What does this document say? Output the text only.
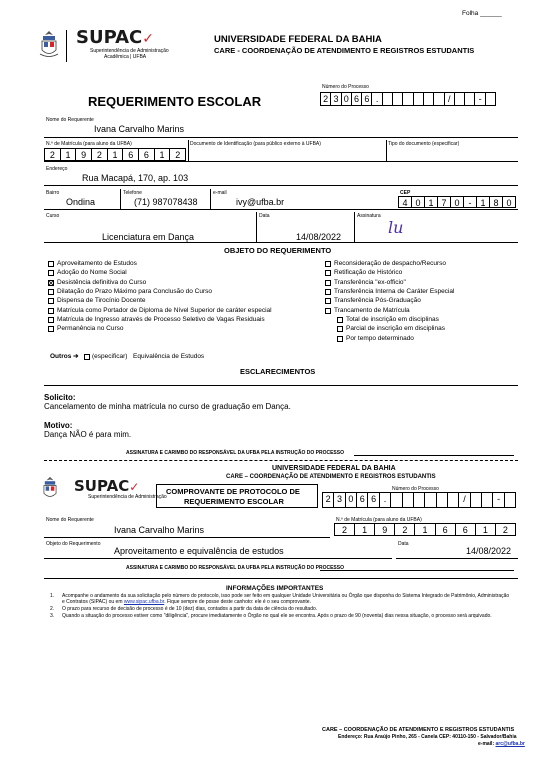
Folha ______
SUPAC✓
Superintendência de Administração
Acadêmica | UFBA
UNIVERSIDADE FEDERAL DA BAHIA
CARE - COORDENAÇÃO DE ATENDIMENTO E REGISTROS ESTUDANTIS
REQUERIMENTO ESCOLAR
Número do Processo
2 3 0 6 6 .	/	-
Nome do Requerente
Ivana Carvalho Marins
N.º de Matrícula (para aluno da UFBA)
2	1	9	2	1	6	6	1	2
Documento de Identificação (para público externo à UFBA)	Tipo do documento (especificar)
Endereço
Rua Macapá, 170, ap. 103
Bairro
Ondina
Telefone
(71) 987078438
e-mail
ivy@ufba.br
CEP
4 0 1 7 0	- 1 8 0
Curso
Licenciatura em Dança
Data
14/08/2022
Assinatura
lu
OBJETO DO REQUERIMENTO
Aproveitamento de Estudos
Adoção do Nome Social
Desistência definitiva do Curso
Dilatação do Prazo Máximo para Conclusão do Curso
Dispensa de Tirocínio Docente
Matrícula como Portador de Diploma de Nível Superior de caráter especial
Matrícula de Ingresso através de Processo Seletivo de Vagas Residuais
Permanência no Curso
Reconsideração de despacho/Recurso
Retificação de Histórico
Transferência "ex-officio"
Transferência Interna de Caráter Especial
Transferência Pós-Graduação
Trancamento de Matrícula
Total de inscrição em disciplinas
Parcial de inscrição em disciplinas
Por tempo determinado
Outros ➔ (especificar) Equivalência de Estudos
ESCLARECIMENTOS
Solicito:
Cancelamento de minha matrícula no curso de graduação em Dança.
Motivo:
Dança NÃO é para mim.
ASSINATURA E CARIMBO DO RESPONSÁVEL DA UFBA PELA INSTRUÇÃO DO PROCESSO
UNIVERSIDADE FEDERAL DA BAHIA
CARE – COORDENAÇÃO DE ATENDIMENTO E REGISTROS ESTUDANTIS
SUPAC✓
Superintendência de Administração
COMPROVANTE DE PROTOCOLO DE
REQUERIMENTO ESCOLAR
Número do Processo
2 3 0 6 6 .	/	-
Nome do Requerente
Ivana Carvalho Marins
N.º de Matrícula (para aluno da UFBA)
2	1	9	2	1	6	6	1	2
Objeto do Requerimento
Aproveitamento e equivalência de estudos
Data
14/08/2022
ASSINATURA E CARIMBO DO RESPONSÁVEL DA UFBA PELA INSTRUÇÃO DO PROCESSO
INFORMAÇÕES IMPORTANTES
1.	Acompanhe o andamento da sua solicitação pelo número do protocolo, isso pode ser feito em qualquer Unidade Universitária ou Órgão que disponha do Sistema Integrado de Patrimônio, Administração e Contratos (SIPAC) ou em www.sipac.ufba.br. Fique sempre de posse deste canhoto: ele é o seu comprovante.
2.	O prazo para recurso de decisão de processo é de 10 (dez) dias, contados a partir da data de ciência do resultado.
3.	Quando a situação do processo estiver como "diligência", procure imediatamente o Órgão no qual ele se encontra. Após o prazo de 90 (noventa) dias nessa situação, o processo será arquivado.
CARE – COORDENAÇÃO DE ATENDIMENTO E REGISTROS ESTUDANTIS
Endereço: Rua Araújo Pinho, 265 - Canela CEP: 40110-150 - Salvador/Bahia
e-mail: arc@ufba.br
